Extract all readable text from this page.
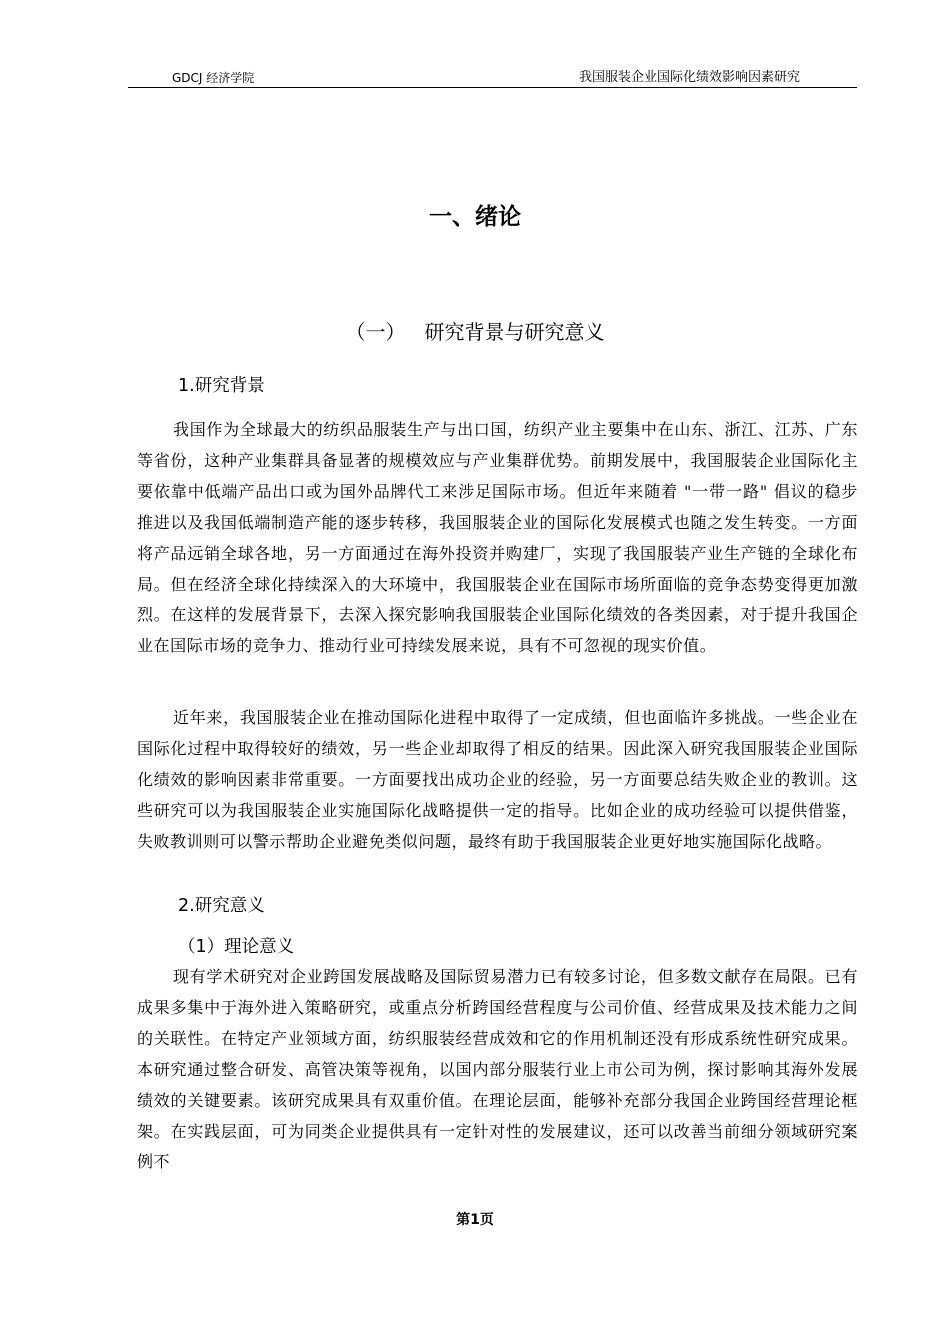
GDCJ 经济学院	我国服装企业国际化绩效影响因素研究
一、绪论
（一）   研究背景与研究意义
1.研究背景

我国作为全球最大的纺织品服装生产与出口国，纺织产业主要集中在山东、浙江、江苏、广东等省份，这种产业集群具备显著的规模效应与产业集群优势。前期发展中，我国服装企业国际化主要依靠中低端产品出口或为国外品牌代工来涉足国际市场。但近年来随着 "一带一路" 倡议的稳步推进以及我国低端制造产能的逐步转移，我国服装企业的国际化发展模式也随之发生转变。一方面将产品远销全球各地，另一方面通过在海外投资并购建厂，实现了我国服装产业生产链的全球化布局。但在经济全球化持续深入的大环境中，我国服装企业在国际市场所面临的竞争态势变得更加激烈。在这样的发展背景下，去深入探究影响我国服装企业国际化绩效的各类因素，对于提升我国企业在国际市场的竞争力、推动行业可持续发展来说，具有不可忽视的现实价值。

近年来，我国服装企业在推动国际化进程中取得了一定成绩，但也面临许多挑战。一些企业在国际化过程中取得较好的绩效，另一些企业却取得了相反的结果。因此深入研究我国服装企业国际化绩效的影响因素非常重要。一方面要找出成功企业的经验，另一方面要总结失败企业的教训。这些研究可以为我国服装企业实施国际化战略提供一定的指导。比如企业的成功经验可以提供借鉴，失败教训则可以警示帮助企业避免类似问题，最终有助于我国服装企业更好地实施国际化战略。

2.研究意义
（1）理论意义

现有学术研究对企业跨国发展战略及国际贸易潜力已有较多讨论，但多数文献存在局限。已有成果多集中于海外进入策略研究，或重点分析跨国经营程度与公司价值、经营成果及技术能力之间的关联性。在特定产业领域方面，纺织服装经营成效和它的作用机制还没有形成系统性研究成果。本研究通过整合研发、高管决策等视角，以国内部分服装行业上市公司为例，探讨影响其海外发展绩效的关键要素。该研究成果具有双重价值。在理论层面，能够补充部分我国企业跨国经营理论框架。在实践层面，可为同类企业提供具有一定针对性的发展建议，还可以改善当前细分领域研究案例不

第1页
